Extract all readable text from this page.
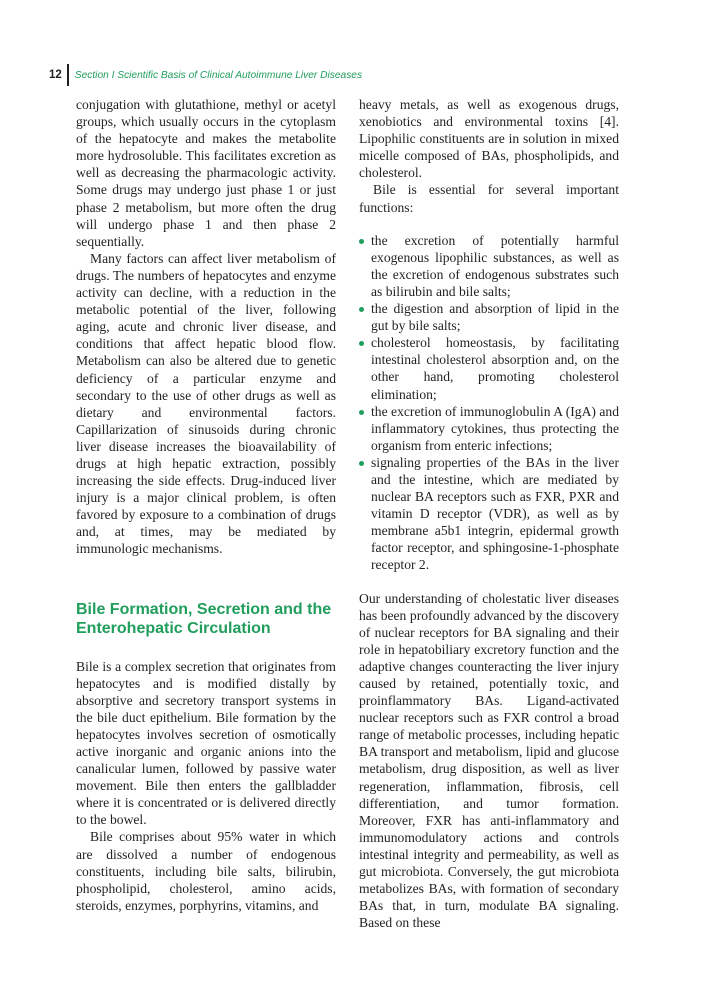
12 Section I Scientific Basis of Clinical Autoimmune Liver Diseases

conjugation with glutathione, methyl or acetyl groups, which usually occurs in the cytoplasm of the hepatocyte and makes the metabolite more hydrosoluble. This facilitates excretion as well as decreasing the pharmacologic activity. Some drugs may undergo just phase 1 or just phase 2 metabolism, but more often the drug will undergo phase 1 and then phase 2 sequentially.

Many factors can affect liver metabolism of drugs. The numbers of hepatocytes and enzyme activity can decline, with a reduction in the metabolic potential of the liver, following aging, acute and chronic liver disease, and conditions that affect hepatic blood flow. Metabolism can also be altered due to genetic deficiency of a particular enzyme and secondary to the use of other drugs as well as dietary and environmental factors. Capillarization of sinusoids during chronic liver disease increases the bioavailability of drugs at high hepatic extraction, possibly increasing the side effects. Drug-induced liver injury is a major clinical problem, is often favored by exposure to a combination of drugs and, at times, may be mediated by immunologic mechanisms.

Bile Formation, Secretion and the Enterohepatic Circulation

Bile is a complex secretion that originates from hepatocytes and is modified distally by absorptive and secretory transport systems in the bile duct epithelium. Bile formation by the hepatocytes involves secretion of osmotically active inorganic and organic anions into the canalicular lumen, followed by passive water movement. Bile then enters the gallbladder where it is concentrated or is delivered directly to the bowel.

Bile comprises about 95% water in which are dissolved a number of endogenous constituents, including bile salts, bilirubin, phospholipid, cholesterol, amino acids, steroids, enzymes, porphyrins, vitamins, and

heavy metals, as well as exogenous drugs, xenobiotics and environmental toxins [4]. Lipophilic constituents are in solution in mixed micelle composed of BAs, phospholipids, and cholesterol.

Bile is essential for several important functions:

the excretion of potentially harmful exogenous lipophilic substances, as well as the excretion of endogenous substrates such as bilirubin and bile salts;
the digestion and absorption of lipid in the gut by bile salts;
cholesterol homeostasis, by facilitating intestinal cholesterol absorption and, on the other hand, promoting cholesterol elimination;
the excretion of immunoglobulin A (IgA) and inflammatory cytokines, thus protecting the organism from enteric infections;
signaling properties of the BAs in the liver and the intestine, which are mediated by nuclear BA receptors such as FXR, PXR and vitamin D receptor (VDR), as well as by membrane a5b1 integrin, epidermal growth factor receptor, and sphingosine-1-phosphate receptor 2.

Our understanding of cholestatic liver diseases has been profoundly advanced by the discovery of nuclear receptors for BA signaling and their role in hepatobiliary excretory function and the adaptive changes counteracting the liver injury caused by retained, potentially toxic, and proinflammatory BAs. Ligand-activated nuclear receptors such as FXR control a broad range of metabolic processes, including hepatic BA transport and metabolism, lipid and glucose metabolism, drug disposition, as well as liver regeneration, inflammation, fibrosis, cell differentiation, and tumor formation. Moreover, FXR has anti-inflammatory and immunomodulatory actions and controls intestinal integrity and permeability, as well as gut microbiota. Conversely, the gut microbiota metabolizes BAs, with formation of secondary BAs that, in turn, modulate BA signaling. Based on these
